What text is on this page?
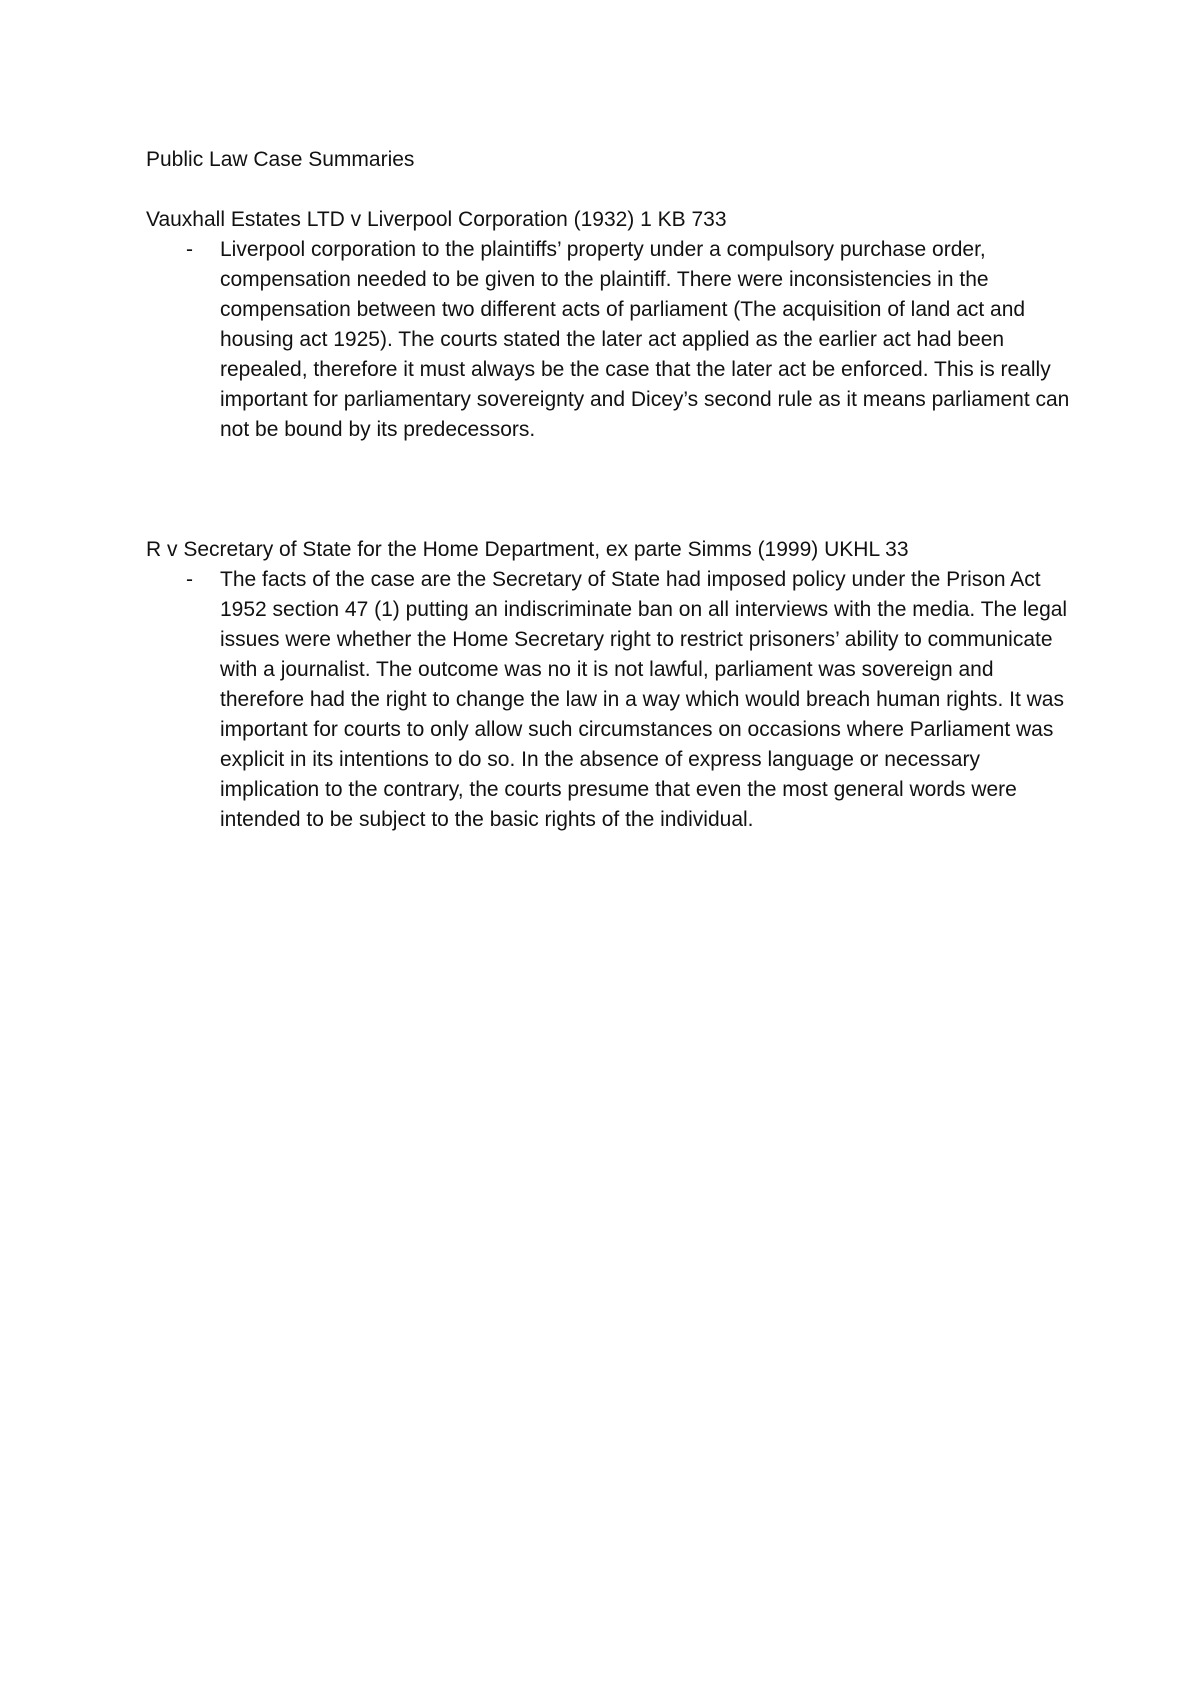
Public Law Case Summaries
Vauxhall Estates LTD v Liverpool Corporation (1932) 1 KB 733

- Liverpool corporation to the plaintiffs’ property under a compulsory purchase order, compensation needed to be given to the plaintiff. There were inconsistencies in the compensation between two different acts of parliament (The acquisition of land act and housing act 1925). The courts stated the later act applied as the earlier act had been repealed, therefore it must always be the case that the later act be enforced. This is really important for parliamentary sovereignty and Dicey’s second rule as it means parliament can not be bound by its predecessors.

R v Secretary of State for the Home Department, ex parte Simms (1999) UKHL 33

- The facts of the case are the Secretary of State had imposed policy under the Prison Act 1952 section 47 (1) putting an indiscriminate ban on all interviews with the media. The legal issues were whether the Home Secretary right to restrict prisoners’ ability to communicate with a journalist. The outcome was no it is not lawful, parliament was sovereign and therefore had the right to change the law in a way which would breach human rights. It was important for courts to only allow such circumstances on occasions where Parliament was explicit in its intentions to do so. In the absence of express language or necessary implication to the contrary, the courts presume that even the most general words were intended to be subject to the basic rights of the individual.
